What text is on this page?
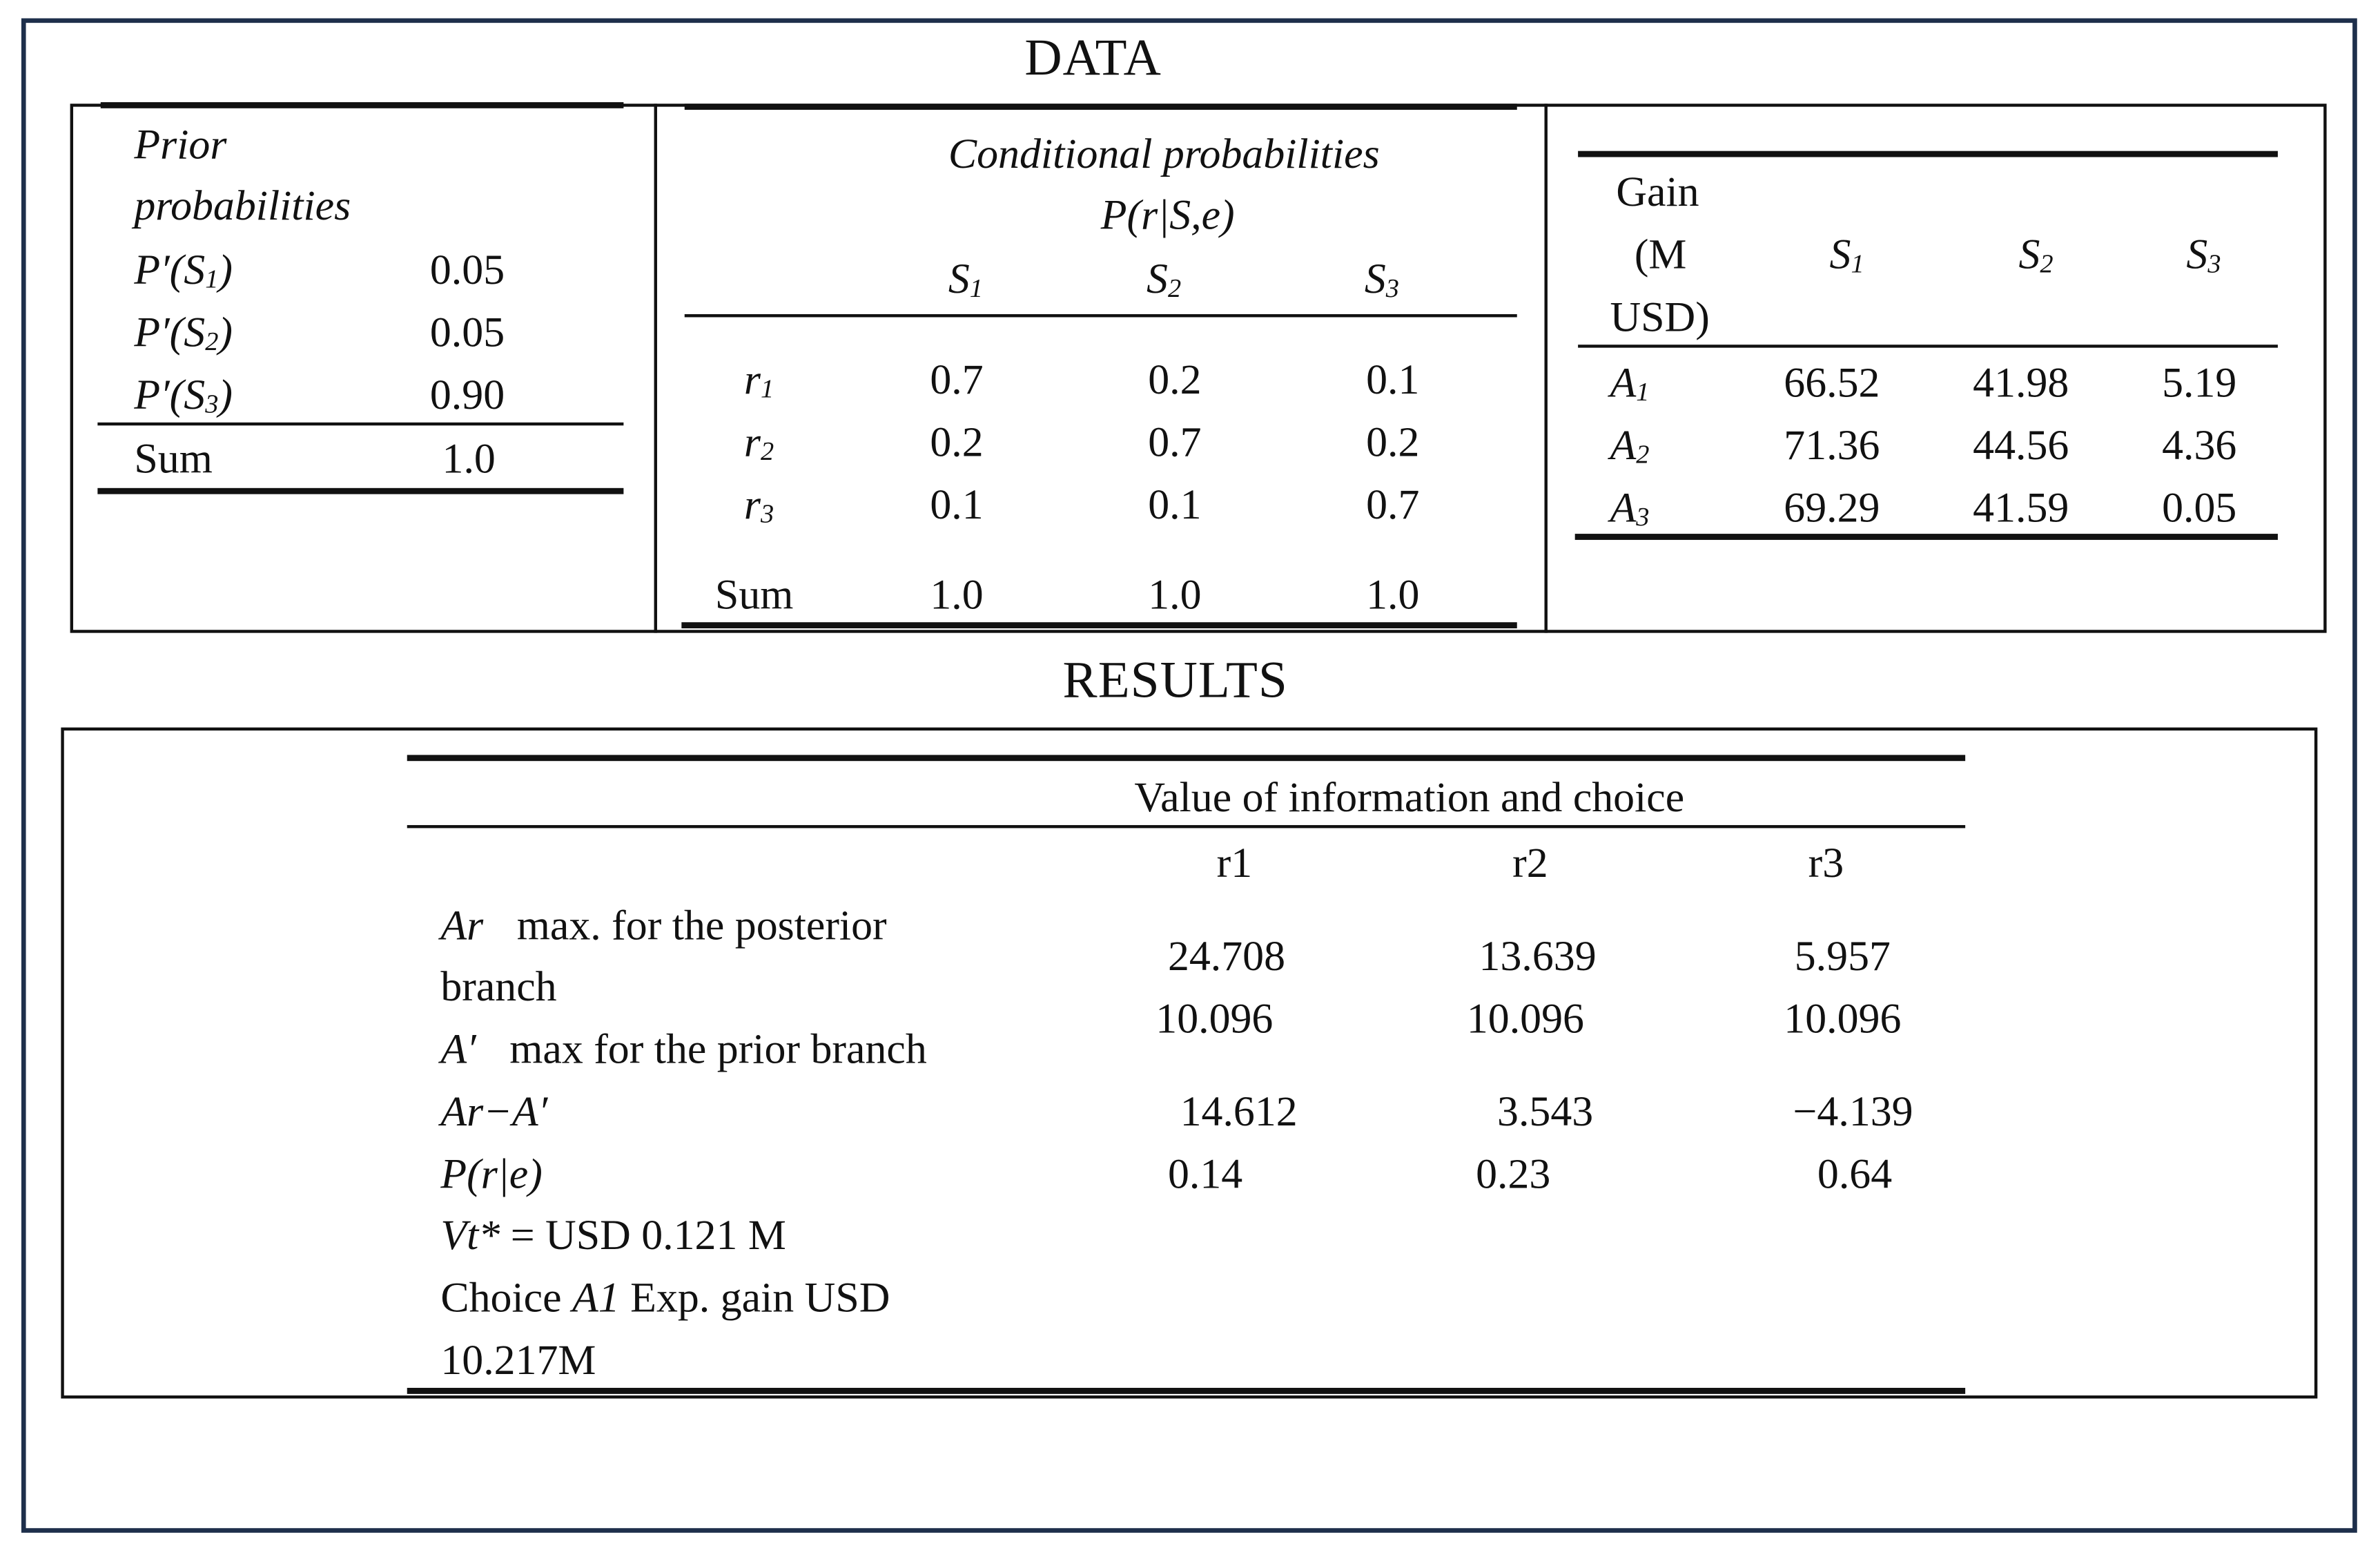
DATA
Prior
probabilities
$P'(S_1)$	0.05
$P'(S_2)$	0.05
$P'(S_3)$	0.90
Sum	1.0
Conditional probabilities
P(r|S,e)
$S_1$	$S_2$	$S_3$
$r_1$	0.7	0.2	0.1
$r_2$	0.2	0.7	0.2
$r_3$	0.1	0.1	0.7
Sum	1.0	1.0	1.0
Gain
(M
USD)
$S_1$	$S_2$	$S_3$
$A_1$	66.52	41.98	5.19
$A_2$	71.36	44.56	4.36
$A_3$	69.29	41.59	0.05
RESULTS
Value of information and choice
r1	r2	r3
Ar max. for the posterior
branch
24.708	13.639	5.957
A′ max for the prior branch
10.096	10.096	10.096
Ar−A′	14.612	3.543	−4.139
P(r|e)	0.14	0.23	0.64
Vt* = USD 0.121 M
Choice A1 Exp. gain USD
10.217M
